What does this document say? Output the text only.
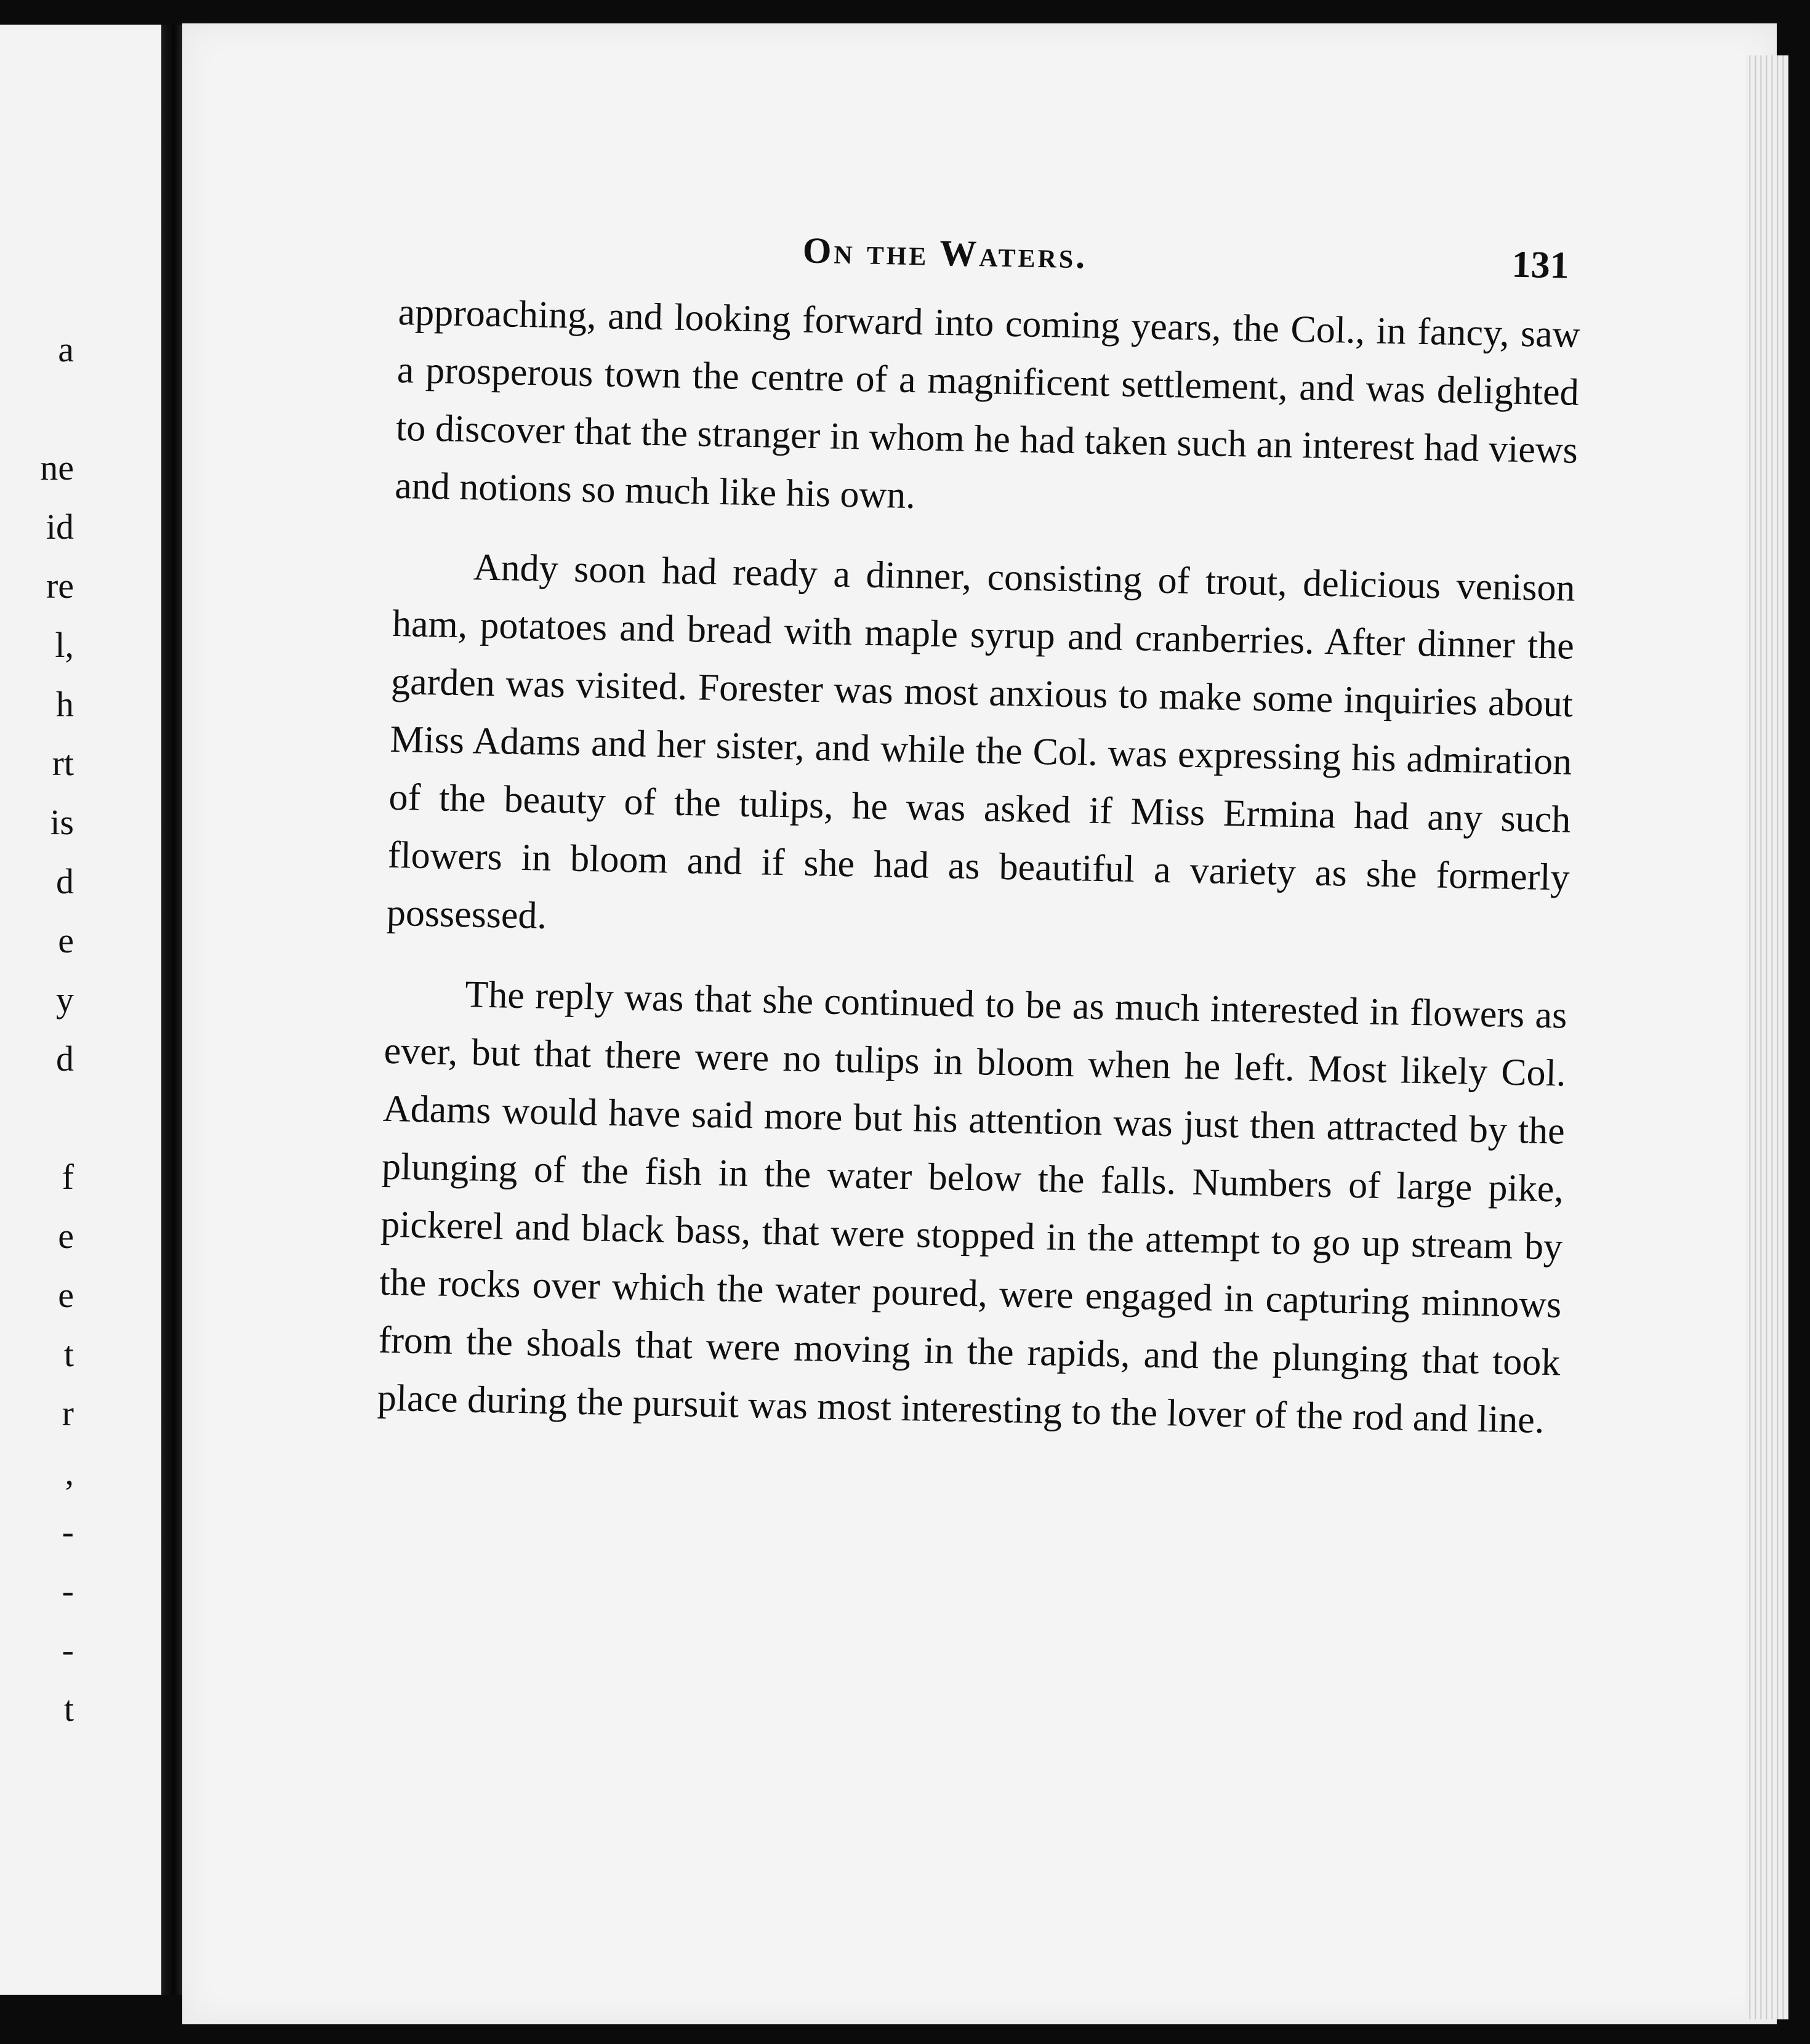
a
ne
id
re
l,
h
rt
is
d
e
y
d
f
e
e
t
r
,
-
-
-
t
On the Waters.	131

approaching, and looking forward into coming years, the Col., in fancy, saw a prosperous town the centre of a magnificent settlement, and was delighted to discover that the stranger in whom he had taken such an interest had views and notions so much like his own.

Andy soon had ready a dinner, consisting of trout, delicious venison ham, potatoes and bread with maple syrup and cranberries. After dinner the garden was visited. Forester was most anxious to make some inquiries about Miss Adams and her sister, and while the Col. was expressing his admiration of the beauty of the tulips, he was asked if Miss Ermina had any such flowers in bloom and if she had as beautiful a variety as she formerly possessed.

The reply was that she continued to be as much interested in flowers as ever, but that there were no tulips in bloom when he left. Most likely Col. Adams would have said more but his attention was just then attracted by the plunging of the fish in the water below the falls. Numbers of large pike, pickerel and black bass, that were stopped in the attempt to go up stream by the rocks over which the water poured, were engaged in capturing minnows from the shoals that were moving in the rapids, and the plunging that took place during the pursuit was most interesting to the lover of the rod and line.
